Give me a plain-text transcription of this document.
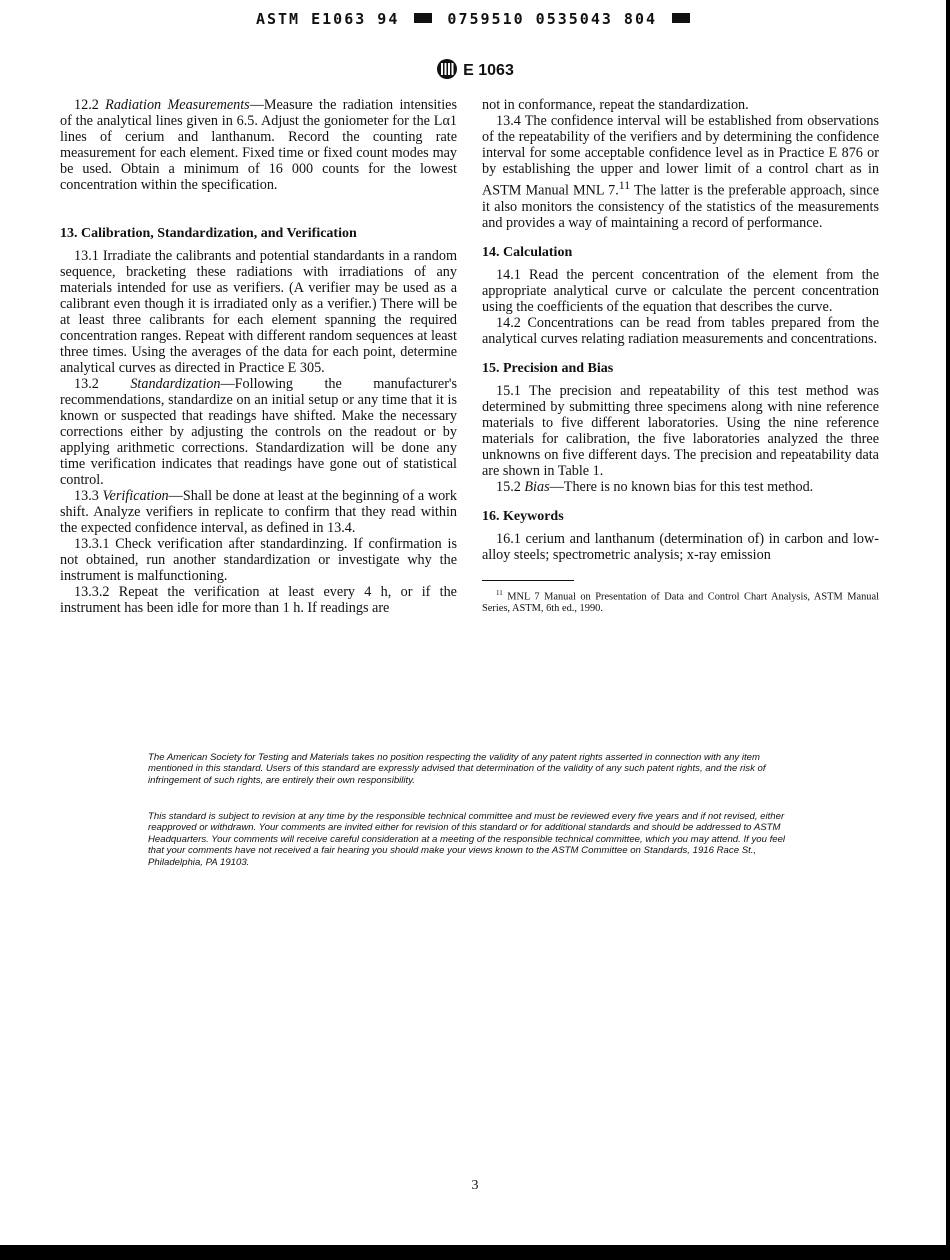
ASTM E1063 94	0759510 0535043 804
E 1063

12.2 Radiation Measurements—Measure the radiation intensities of the analytical lines given in 6.5. Adjust the goniometer for the Lα1 lines of cerium and lanthanum. Record the counting rate measurement for each element. Fixed time or fixed count modes may be used. Obtain a minimum of 16 000 counts for the lowest concentration within the specification.

13. Calibration, Standardization, and Verification

13.1 Irradiate the calibrants and potential standardants in a random sequence, bracketing these radiations with irradiations of any materials intended for use as verifiers. (A verifier may be used as a calibrant even though it is irradiated only as a verifier.) There will be at least three calibrants for each element spanning the required concentration ranges. Repeat with different random sequences at least three times. Using the averages of the data for each point, determine analytical curves as directed in Practice E 305.

13.2 Standardization—Following the manufacturer's recommendations, standardize on an initial setup or any time that it is known or suspected that readings have shifted. Make the necessary corrections either by adjusting the controls on the readout or by applying arithmetic corrections. Standardization will be done any time verification indicates that readings have gone out of statistical control.

13.3 Verification—Shall be done at least at the beginning of a work shift. Analyze verifiers in replicate to confirm that they read within the expected confidence interval, as defined in 13.4.

13.3.1 Check verification after standardinzing. If confirmation is not obtained, run another standardization or investigate why the instrument is malfunctioning.

13.3.2 Repeat the verification at least every 4 h, or if the instrument has been idle for more than 1 h. If readings are

not in conformance, repeat the standardization.

13.4 The confidence interval will be established from observations of the repeatability of the verifiers and by determining the confidence interval for some acceptable confidence level as in Practice E 876 or by establishing the upper and lower limit of a control chart as in ASTM Manual MNL 7.11 The latter is the preferable approach, since it also monitors the consistency of the statistics of the measurements and provides a way of maintaining a record of performance.

14. Calculation

14.1 Read the percent concentration of the element from the appropriate analytical curve or calculate the percent concentration using the coefficients of the equation that describes the curve.

14.2 Concentrations can be read from tables prepared from the analytical curves relating radiation measurements and concentrations.

15. Precision and Bias

15.1 The precision and repeatability of this test method was determined by submitting three specimens along with nine reference materials to five different laboratories. Using the nine reference materials for calibration, the five laboratories analyzed the three unknowns on five different days. The precision and repeatability data are shown in Table 1.

15.2 Bias—There is no known bias for this test method.

16. Keywords

16.1 cerium and lanthanum (determination of) in carbon and low-alloy steels; spectrometric analysis; x-ray emission

$^{11}$ MNL 7 Manual on Presentation of Data and Control Chart Analysis, ASTM Manual Series, ASTM, 6th ed., 1990.

The American Society for Testing and Materials takes no position respecting the validity of any patent rights asserted in connection with any item mentioned in this standard. Users of this standard are expressly advised that determination of the validity of any such patent rights, and the risk of infringement of such rights, are entirely their own responsibility.

This standard is subject to revision at any time by the responsible technical committee and must be reviewed every five years and if not revised, either reapproved or withdrawn. Your comments are invited either for revision of this standard or for additional standards and should be addressed to ASTM Headquarters. Your comments will receive careful consideration at a meeting of the responsible technical committee, which you may attend. If you feel that your comments have not received a fair hearing you should make your views known to the ASTM Committee on Standards, 1916 Race St., Philadelphia, PA 19103.

3
